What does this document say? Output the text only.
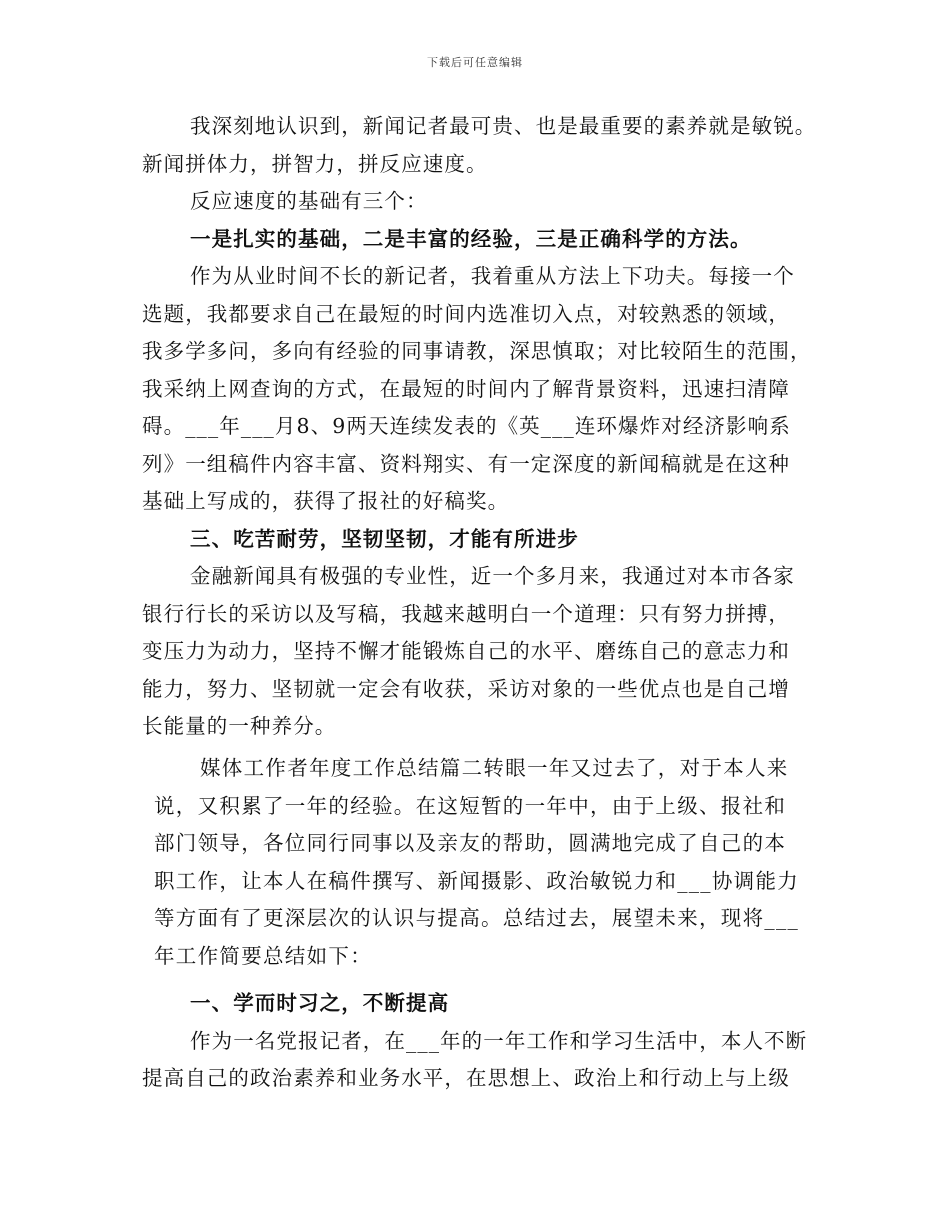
下载后可任意编辑
我深刻地认识到，新闻记者最可贵、也是最重要的素养就是敏锐。
新闻拼体力，拼智力，拼反应速度。
反应速度的基础有三个：
一是扎实的基础，二是丰富的经验，三是正确科学的方法。
作为从业时间不长的新记者，我着重从方法上下功夫。每接一个
选题，我都要求自己在最短的时间内选准切入点，对较熟悉的领域，
我多学多问，多向有经验的同事请教，深思慎取；对比较陌生的范围，
我采纳上网查询的方式，在最短的时间内了解背景资料，迅速扫清障
碍。___年___月8、9两天连续发表的《英___连环爆炸对经济影响系
列》一组稿件内容丰富、资料翔实、有一定深度的新闻稿就是在这种
基础上写成的，获得了报社的好稿奖。
三、吃苦耐劳，坚韧坚韧，才能有所进步
金融新闻具有极强的专业性，近一个多月来，我通过对本市各家
银行行长的采访以及写稿，我越来越明白一个道理：只有努力拼搏，
变压力为动力，坚持不懈才能锻炼自己的水平、磨练自己的意志力和
能力，努力、坚韧就一定会有收获，采访对象的一些优点也是自己增
长能量的一种养分。
媒体工作者年度工作总结篇二转眼一年又过去了，对于本人来
说，又积累了一年的经验。在这短暂的一年中，由于上级、报社和
部门领导，各位同行同事以及亲友的帮助，圆满地完成了自己的本
职工作，让本人在稿件撰写、新闻摄影、政治敏锐力和___协调能力
等方面有了更深层次的认识与提高。总结过去，展望未来，现将___
年工作简要总结如下：
一、学而时习之，不断提高
作为一名党报记者，在___年的一年工作和学习生活中，本人不断
提高自己的政治素养和业务水平，在思想上、政治上和行动上与上级
